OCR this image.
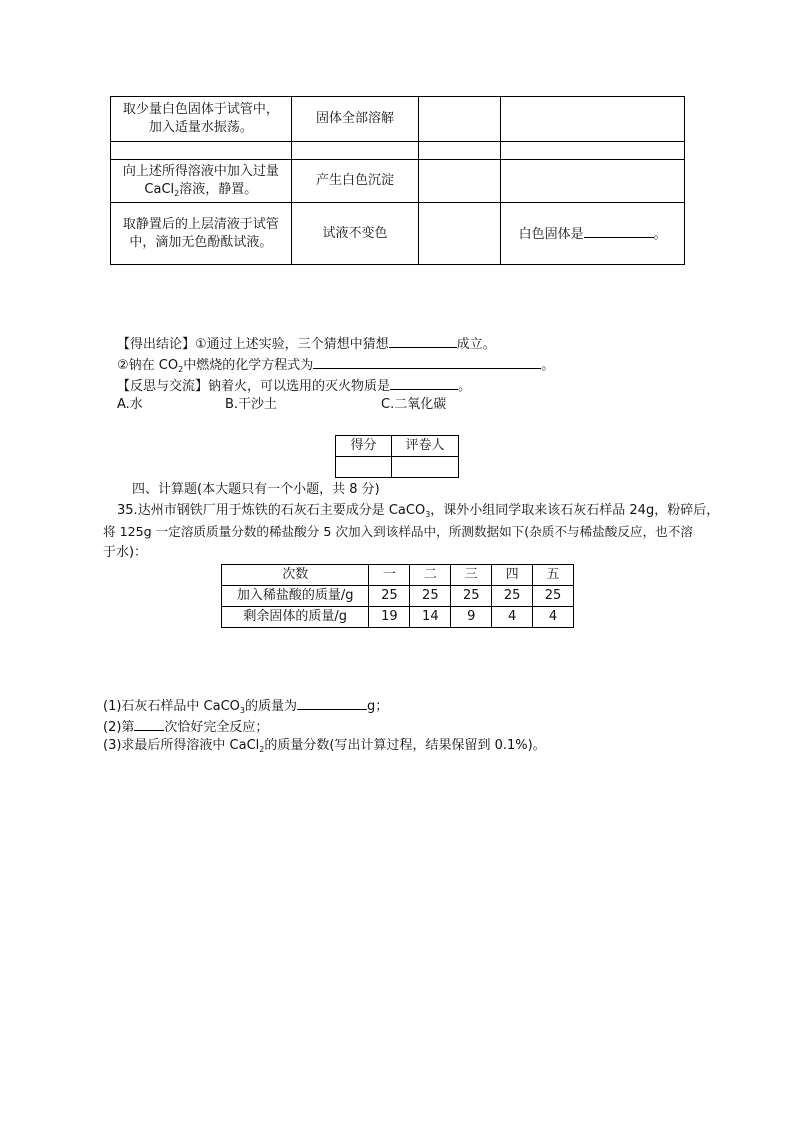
取少量白色固体于试管中，加入适量水振荡。	固体全部溶解		

向上述所得溶液中加入过量 CaCl$_2$溶液，静置。	产生白色沉淀		
取静置后的上层清液于试管中，滴加无色酚酞试液。	试液不变色		白色固体是 。
【得出结论】①通过上述实验，三个猜想中猜想	成立。
②钠在 $CO_2$中燃烧的化学方程式为	。
【反思与交流】钠着火，可以选用的灭火物质是	。
A.水	B.干沙土	C.二氧化碳
得分	评卷人

四、计算题(本大题只有一个小题，共 8 分)
35.达州市钢铁厂用于炼铁的石灰石主要成分是 CaCO$_3$，课外小组同学取来该石灰石样品 24g，粉碎后，
将 125g 一定溶质质量分数的稀盐酸分 5 次加入到该样品中，所测数据如下(杂质不与稀盐酸反应，也不溶
于水)：
次数	一	二	三	四	五
加入稀盐酸的质量/g	25	25	25	25	25
剩余固体的质量/g	19	14	9	4	4
(1)石灰石样品中 CaCO$_3$的质量为	g；
(2)第 次恰好完全反应；
(3)求最后所得溶液中 CaCl$_2$的质量分数(写出计算过程，结果保留到 0.1%)。
